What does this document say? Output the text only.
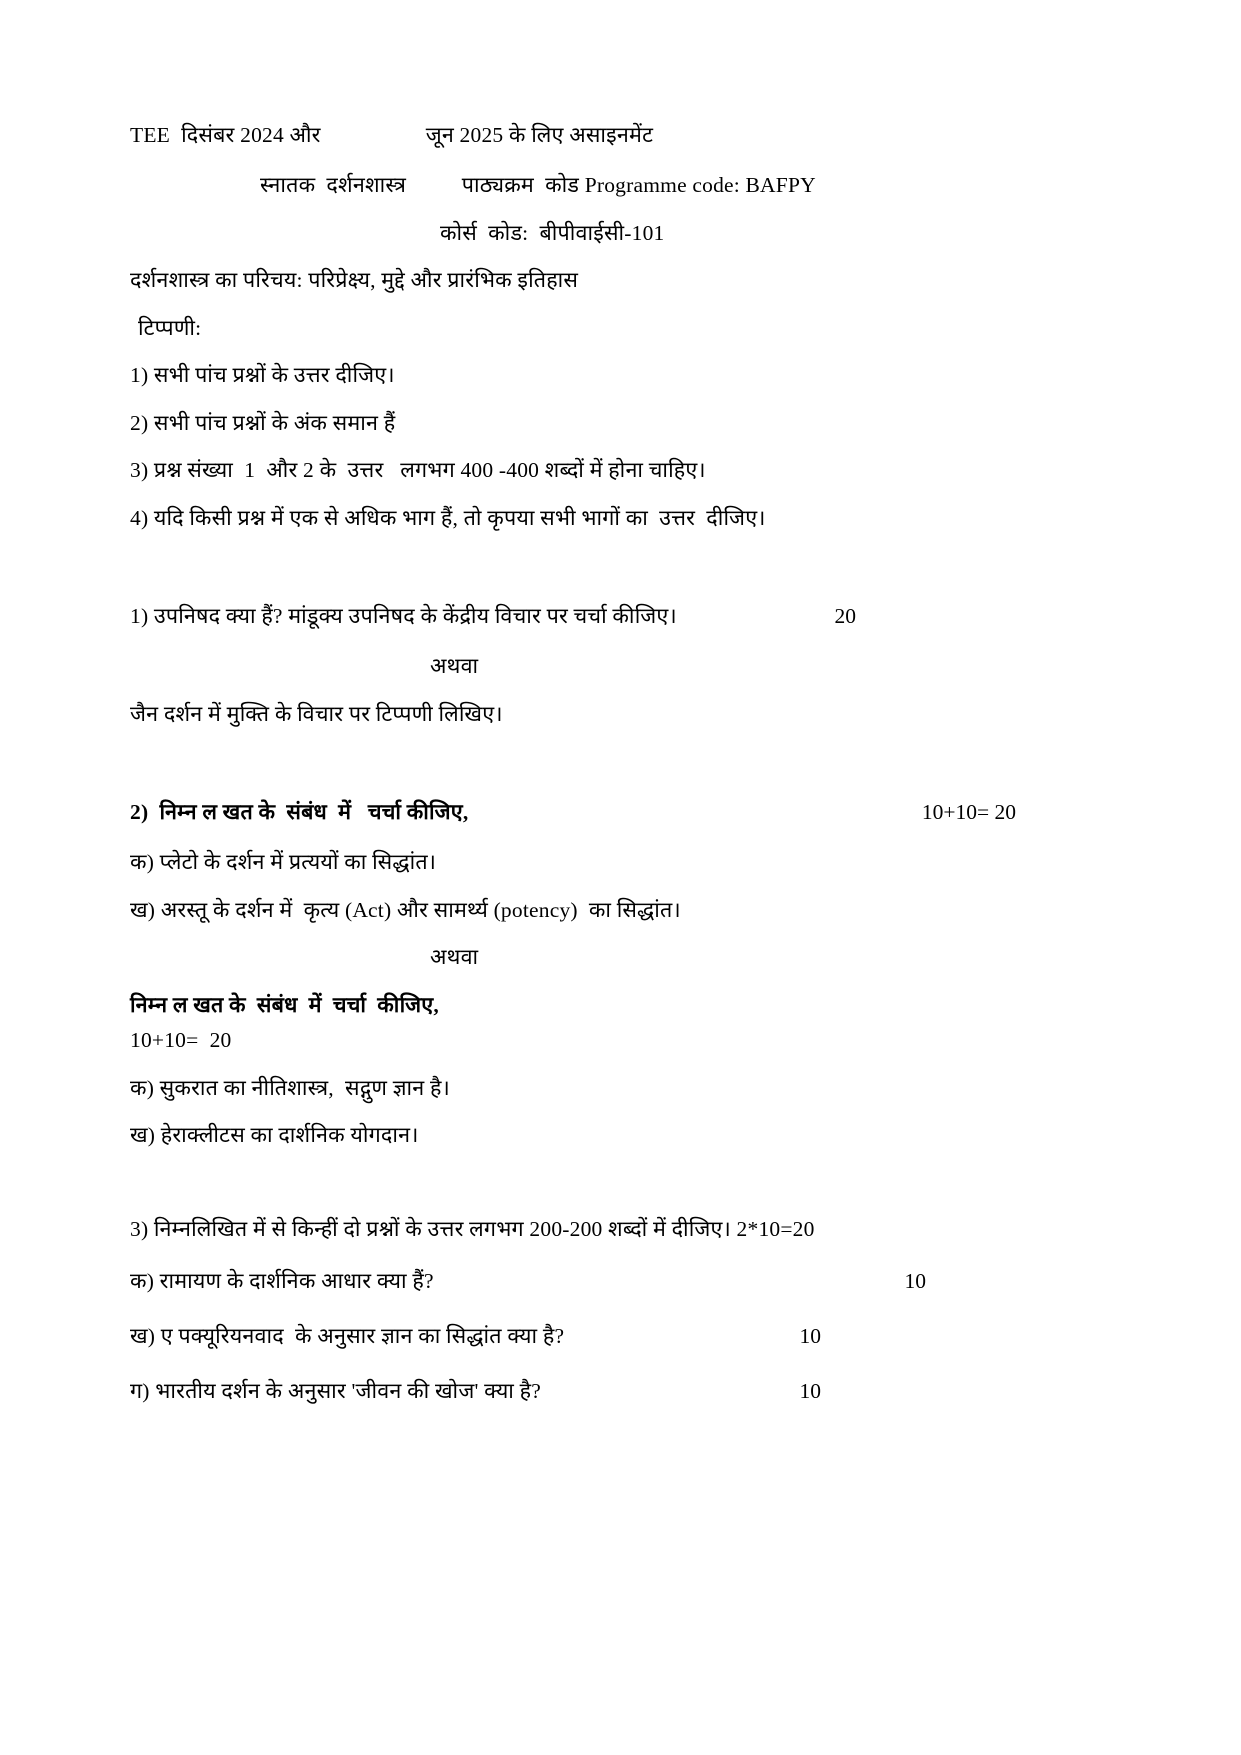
TEE  दिसंबर 2024 और	जून 2025 के लिए असाइनमेंट
स्नातक  दर्शनशास्त्र          पाठ्यक्रम  कोड Programme code: BAFPY
कोर्स  कोड:  बीपीवाईसी-101
दर्शनशास्त्र का परिचय: परिप्रेक्ष्य, मुद्दे और प्रारंभिक इतिहास
टिप्पणी:
1) सभी पांच प्रश्नों के उत्तर दीजिए।
2) सभी पांच प्रश्नों के अंक समान हैं
3) प्रश्न संख्या  1  और 2 के  उत्तर   लगभग 400 -400 शब्दों में होना चाहिए।
4) यदि किसी प्रश्न में एक से अधिक भाग हैं, तो कृपया सभी भागों का  उत्तर  दीजिए।
1) उपनिषद क्या हैं? मांडूक्य उपनिषद के केंद्रीय विचार पर चर्चा कीजिए।	20
अथवा
जैन दर्शन में मुक्ति के विचार पर टिप्पणी लिखिए।
2)  निम्न ल खत के  संबंध  में   चर्चा कीजिए,	10+10= 20
क) प्लेटो के दर्शन में प्रत्ययों का सिद्धांत।
ख) अरस्तू के दर्शन में  कृत्य (Act) और सामर्थ्य (potency)  का सिद्धांत।
अथवा
निम्न ल खत के  संबंध  में  चर्चा  कीजिए,
10+10=  20
क) सुकरात का नीतिशास्त्र,  सद्गुण ज्ञान है।
ख) हेराक्लीटस का दार्शनिक योगदान।
3) निम्नलिखित में से किन्हीं दो प्रश्नों के उत्तर लगभग 200-200 शब्दों में दीजिए। 2*10=20
क) रामायण के दार्शनिक आधार क्या हैं?	10
ख) ए पक्यूरियनवाद  के अनुसार ज्ञान का सिद्धांत क्या है?	10
ग) भारतीय दर्शन के अनुसार 'जीवन की खोज' क्या है?	10
